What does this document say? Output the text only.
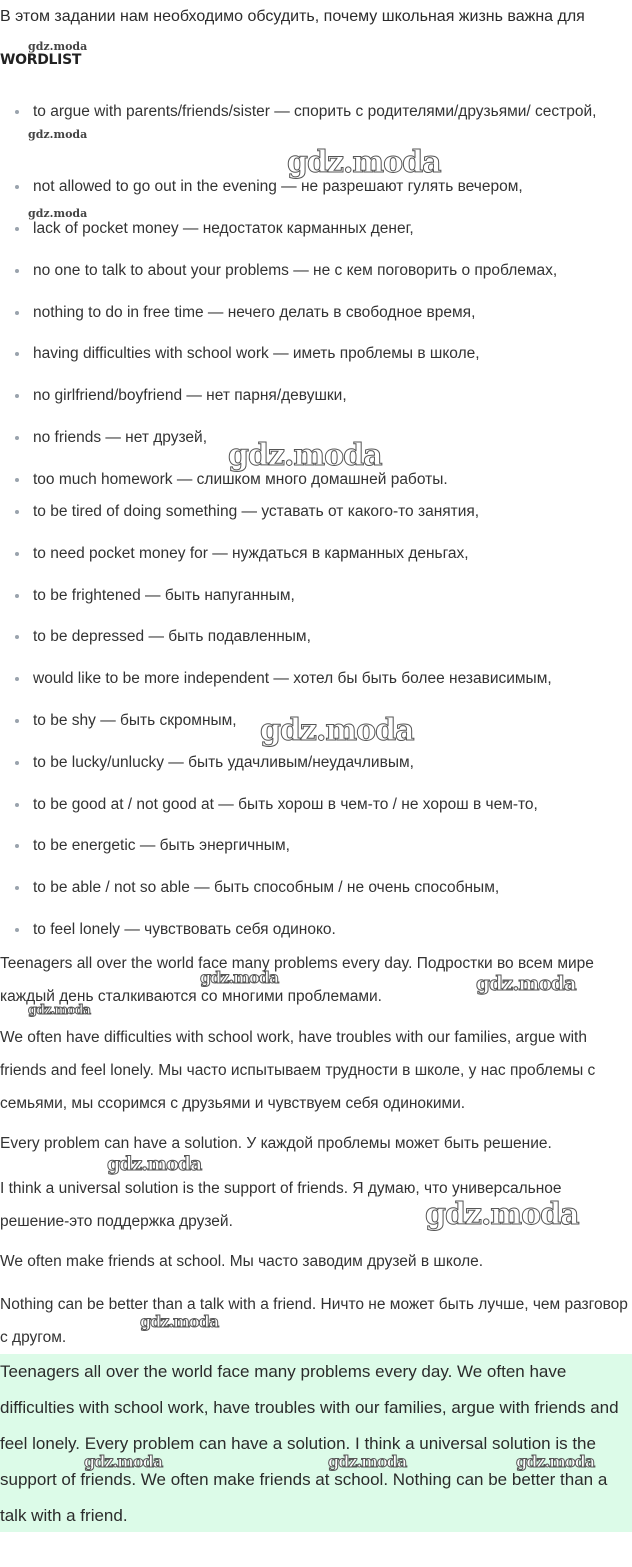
В этом задании нам необходимо обсудить, почему школьная жизнь важна для
WORDLIST
to argue with parents/friends/sister — спорить с родителями/друзьями/ сестрой,
not allowed to go out in the evening — не разрешают гулять вечером,
lack of pocket money — недостаток карманных денег,
no one to talk to about your problems — не с кем поговорить о проблемах,
nothing to do in free time — нечего делать в свободное время,
having difficulties with school work — иметь проблемы в школе,
no girlfriend/boyfriend — нет парня/девушки,
no friends — нет друзей,
too much homework — слишком много домашней работы.
to be tired of doing something — уставать от какого-то занятия,
to need pocket money for — нуждаться в карманных деньгах,
to be frightened — быть напуганным,
to be depressed — быть подавленным,
would like to be more independent — хотел бы быть более независимым,
to be shy — быть скромным,
to be lucky/unlucky — быть удачливым/неудачливым,
to be good at / not good at — быть хорош в чем-то / не хорош в чем-то,
to be energetic — быть энергичным,
to be able / not so able — быть способным / не очень способным,
to feel lonely — чувствовать себя одиноко.
Teenagers all over the world face many problems every day. Подростки во всем мире каждый день сталкиваются со многими проблемами.
We often have difficulties with school work, have troubles with our families, argue with friends and feel lonely. Мы часто испытываем трудности в школе, у нас проблемы с семьями, мы ссоримся с друзьями и чувствуем себя одинокими.
Every problem can have a solution. У каждой проблемы может быть решение.
I think a universal solution is the support of friends. Я думаю, что универсальное решение-это поддержка друзей.
We often make friends at school. Мы часто заводим друзей в школе.
Nothing can be better than a talk with a friend. Ничто не может быть лучше, чем разговор с другом.
Teenagers all over the world face many problems every day. We often have difficulties with school work, have troubles with our families, argue with friends and feel lonely. Every problem can have a solution. I think a universal solution is the support of friends. We often make friends at school. Nothing can be better than a talk with a friend.
gdz.moda
gdz.moda
gdz.moda
gdz.moda
gdz.moda
gdz.moda
gdz.moda	gdz.moda
gdz.moda
gdz.moda
gdz.moda
gdz.moda
gdz.moda	gdz.moda	gdz.moda
